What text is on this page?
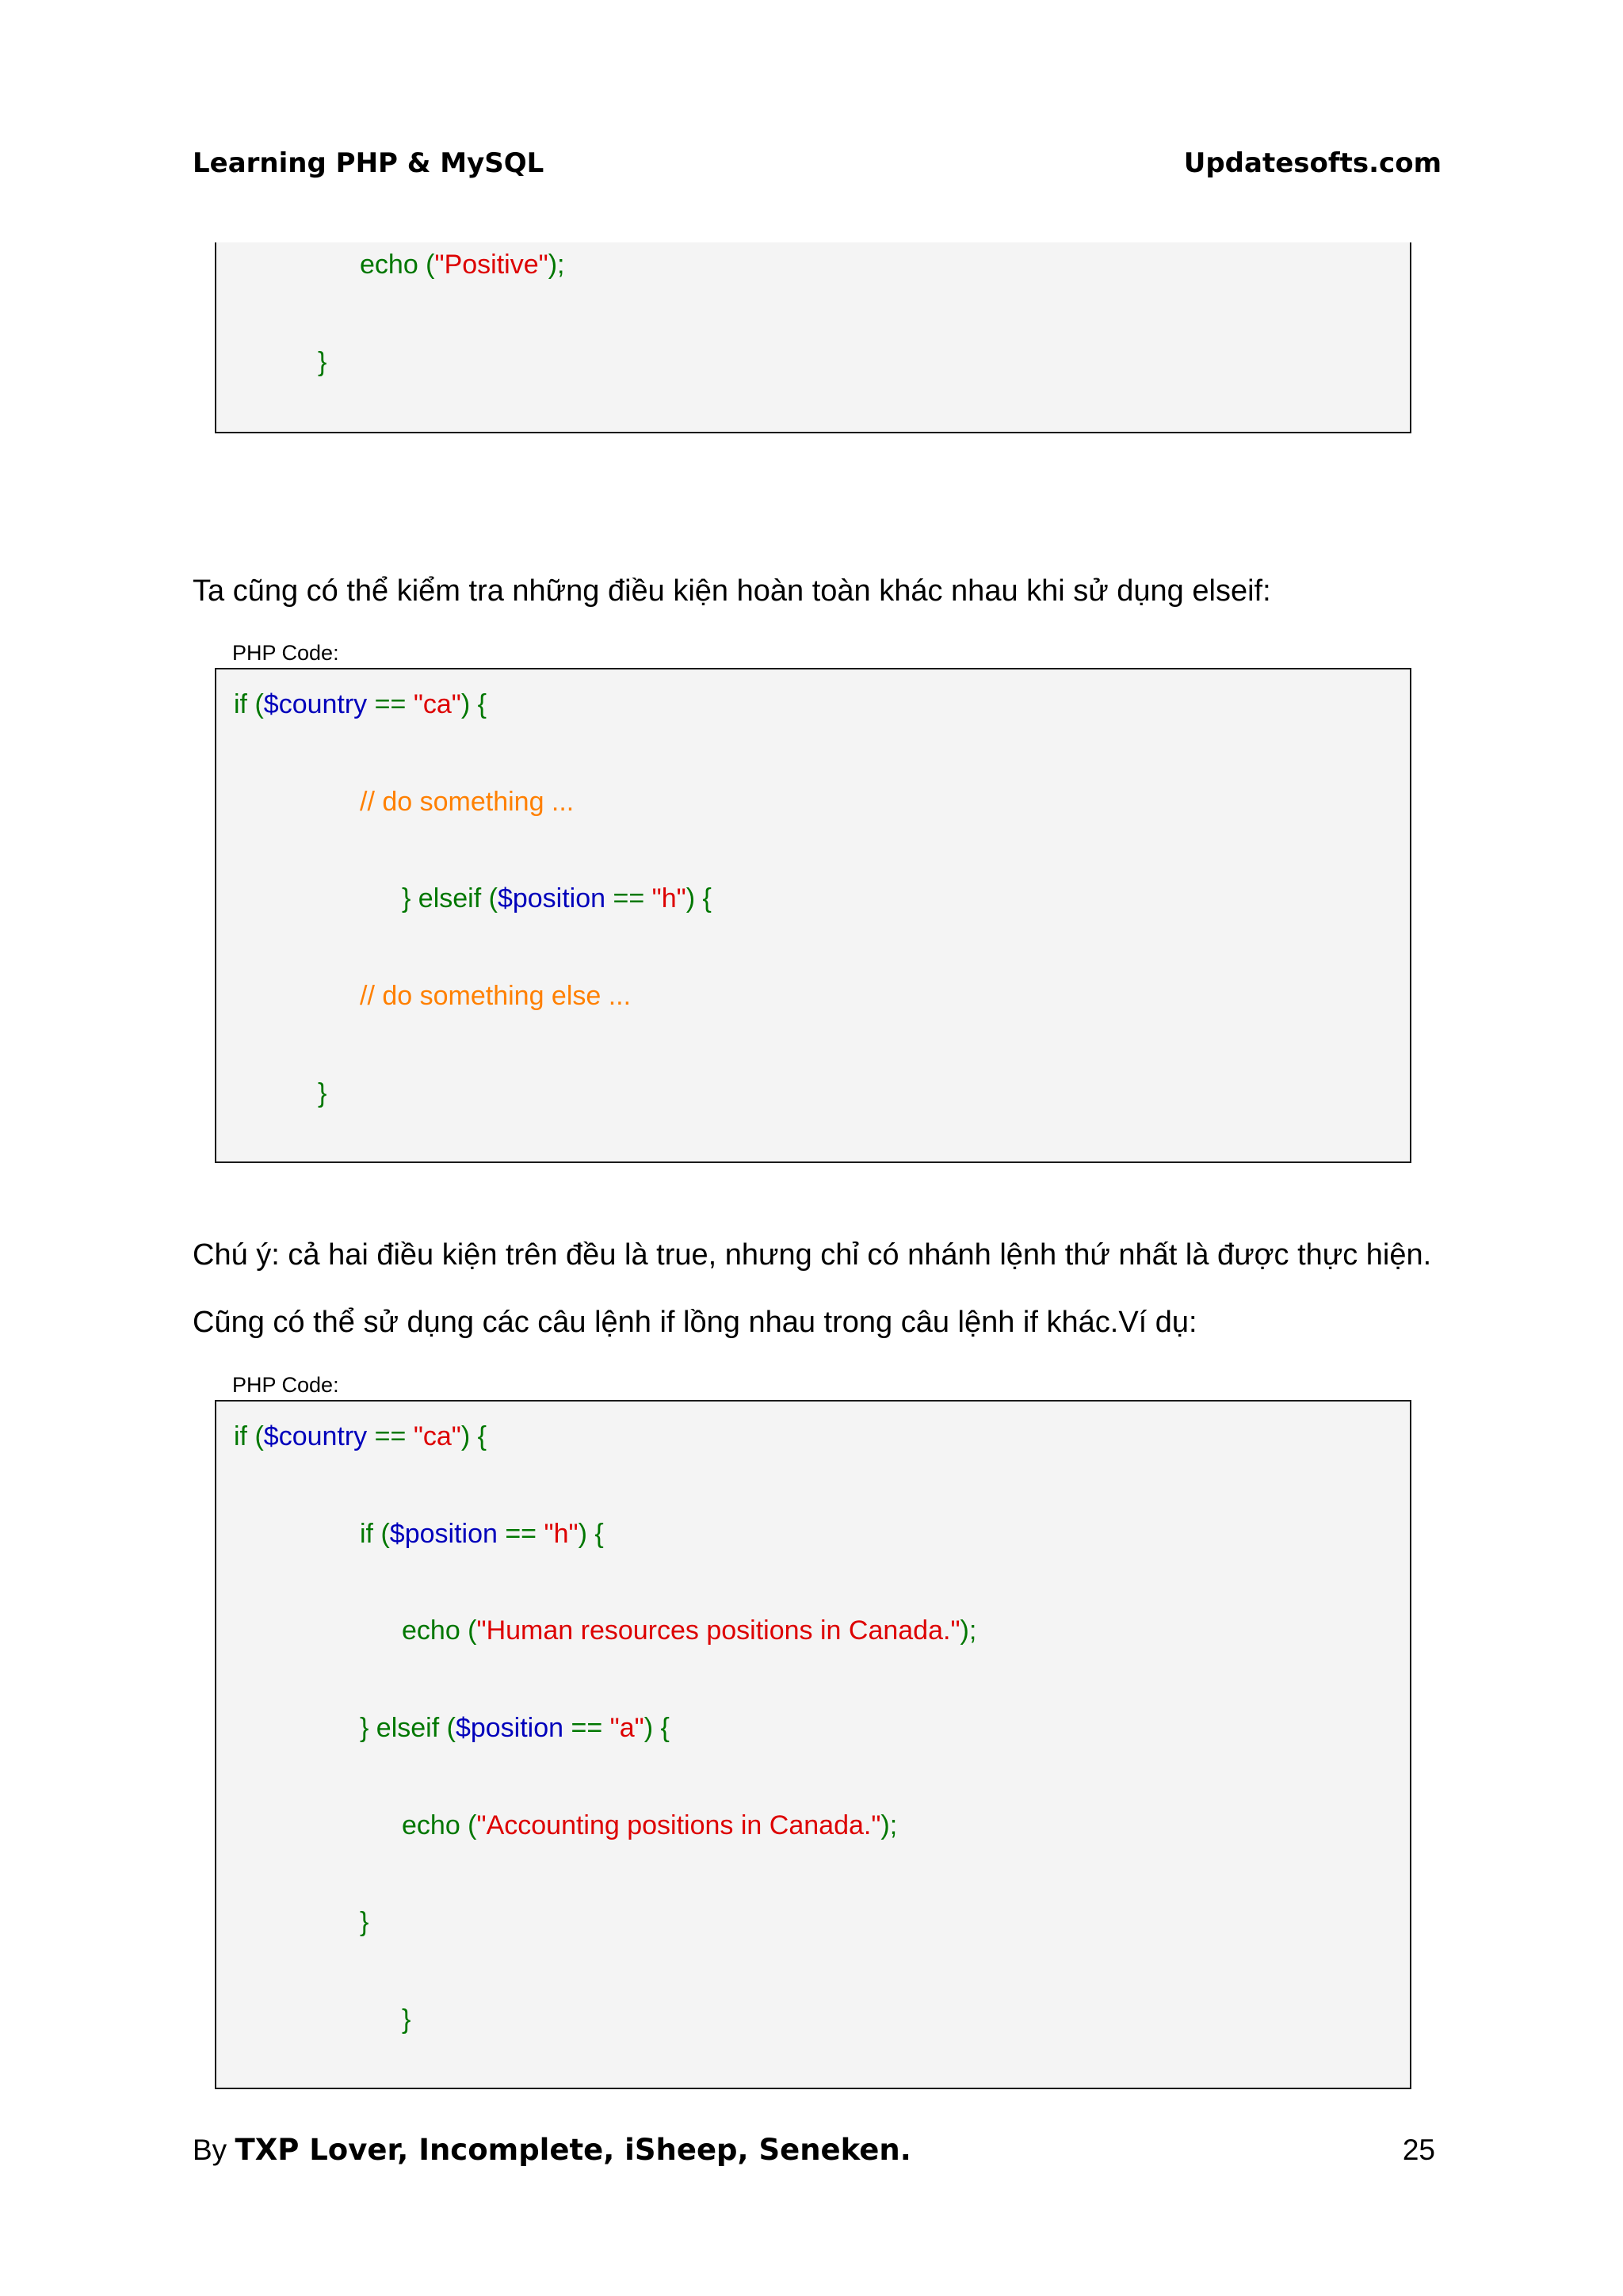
Learning PHP & MySQL	Updatesofts.com
echo ("Positive");
}
Ta cũng có thể kiểm tra những điều kiện hoàn toàn khác nhau khi sử dụng elseif:
PHP Code:
if ($country == "ca") {
// do something ...
} elseif ($position == "h") {
// do something else ...
}
Chú ý: cả hai điều kiện trên đều là true, nhưng chỉ có nhánh lệnh thứ nhất là được thực hiện.
Cũng có thể sử dụng các câu lệnh if lồng nhau trong câu lệnh if khác.Ví dụ:
PHP Code:
if ($country == "ca") {
if ($position == "h") {
echo ("Human resources positions in Canada.");
} elseif ($position == "a") {
echo ("Accounting positions in Canada.");
}
}
By TXP Lover, Incomplete, iSheep, Seneken.	25
